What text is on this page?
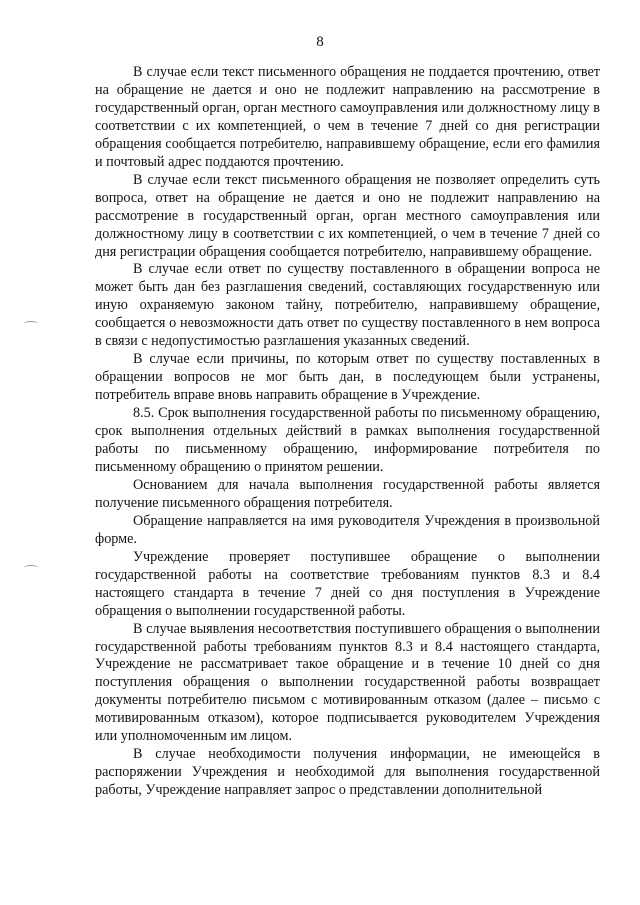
8

В случае если текст письменного обращения не поддается прочтению, ответ на обращение не дается и оно не подлежит направлению на рассмотрение в государственный орган, орган местного самоуправления или должностному лицу в соответствии с их компетенцией, о чем в течение 7 дней со дня регистрации обращения сообщается потребителю, направившему обращение, если его фамилия и почтовый адрес поддаются прочтению.

В случае если текст письменного обращения не позволяет определить суть вопроса, ответ на обращение не дается и оно не подлежит направлению на рассмотрение в государственный орган, орган местного самоуправления или должностному лицу в соответствии с их компетенцией, о чем в течение 7 дней со дня регистрации обращения сообщается потребителю, направившему обращение.

В случае если ответ по существу поставленного в обращении вопроса не может быть дан без разглашения сведений, составляющих государственную или иную охраняемую законом тайну, потребителю, направившему обращение, сообщается о невозможности дать ответ по существу поставленного в нем вопроса в связи с недопустимостью разглашения указанных сведений.

В случае если причины, по которым ответ по существу поставленных в обращении вопросов не мог быть дан, в последующем были устранены, потребитель вправе вновь направить обращение в Учреждение.

8.5. Срок выполнения государственной работы по письменному обращению, срок выполнения отдельных действий в рамках выполнения государственной работы по письменному обращению, информирование потребителя по письменному обращению о принятом решении.

Основанием для начала выполнения государственной работы является получение письменного обращения потребителя.

Обращение направляется на имя руководителя Учреждения в произвольной форме.

Учреждение проверяет поступившее обращение о выполнении государственной работы на соответствие требованиям пунктов 8.3 и 8.4 настоящего стандарта в течение 7 дней со дня поступления в Учреждение обращения о выполнении государственной работы.

В случае выявления несоответствия поступившего обращения о выполнении государственной работы требованиям пунктов 8.3 и 8.4 настоящего стандарта, Учреждение не рассматривает такое обращение и в течение 10 дней со дня поступления обращения о выполнении государственной работы возвращает документы потребителю письмом с мотивированным отказом (далее – письмо с мотивированным отказом), которое подписывается руководителем Учреждения или уполномоченным им лицом.

В случае необходимости получения информации, не имеющейся в распоряжении Учреждения и необходимой для выполнения государственной работы, Учреждение направляет запрос о представлении дополнительной
